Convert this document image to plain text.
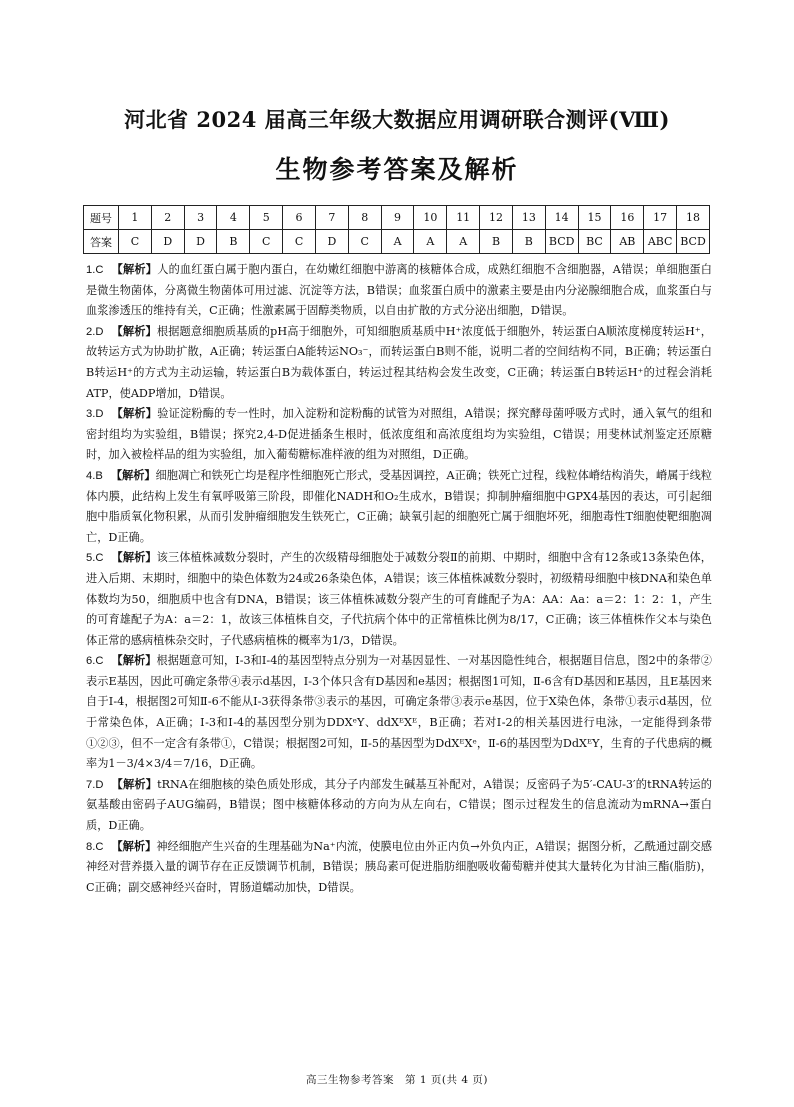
河北省 2024 届高三年级大数据应用调研联合测评(Ⅷ)
生物参考答案及解析
题号	1	2	3	4	5	6	7	8	9	10	11	12	13	14	15	16	17	18
答案	C	D	D	B	C	C	D	C	A	A	A	B	B	BCD	BC	AB	ABC	BCD
1.C 【解析】人的血红蛋白属于胞内蛋白，在幼嫩红细胞中游离的核糖体合成，成熟红细胞不含细胞器，A错误；单细胞蛋白是微生物菌体，分离微生物菌体可用过滤、沉淀等方法，B错误；血浆蛋白质中的激素主要是由内分泌腺细胞合成，血浆蛋白与血浆渗透压的维持有关，C正确；性激素属于固醇类物质，以自由扩散的方式分泌出细胞，D错误。
2.D 【解析】根据题意细胞质基质的pH高于细胞外，可知细胞质基质中H⁺浓度低于细胞外，转运蛋白A顺浓度梯度转运H⁺，故转运方式为协助扩散，A正确；转运蛋白A能转运NO₃⁻，而转运蛋白B则不能，说明二者的空间结构不同，B正确；转运蛋白B转运H⁺的方式为主动运输，转运蛋白B为载体蛋白，转运过程其结构会发生改变，C正确；转运蛋白B转运H⁺的过程会消耗ATP，使ADP增加，D错误。
3.D 【解析】验证淀粉酶的专一性时，加入淀粉和淀粉酶的试管为对照组，A错误；探究酵母菌呼吸方式时，通入氧气的组和密封组均为实验组，B错误；探究2,4-D促进插条生根时，低浓度组和高浓度组均为实验组，C错误；用斐林试剂鉴定还原糖时，加入被检样品的组为实验组，加入葡萄糖标准样液的组为对照组，D正确。
4.B 【解析】细胞凋亡和铁死亡均是程序性细胞死亡形式，受基因调控，A正确；铁死亡过程，线粒体嵴结构消失，嵴属于线粒体内膜，此结构上发生有氧呼吸第三阶段，即催化NADH和O₂生成水，B错误；抑制肿瘤细胞中GPX4基因的表达，可引起细胞中脂质氧化物积累，从而引发肿瘤细胞发生铁死亡，C正确；缺氧引起的细胞死亡属于细胞坏死，细胞毒性T细胞使靶细胞凋亡，D正确。
5.C 【解析】该三体植株减数分裂时，产生的次级精母细胞处于减数分裂Ⅱ的前期、中期时，细胞中含有12条或13条染色体，进入后期、末期时，细胞中的染色体数为24或26条染色体，A错误；该三体植株减数分裂时，初级精母细胞中核DNA和染色单体数均为50，细胞质中也含有DNA，B错误；该三体植株减数分裂产生的可育雌配子为A：AA：Aa：a＝2：1：2：1，产生的可育雄配子为A：a＝2：1，故该三体植株自交，子代抗病个体中的正常植株比例为8/17，C正确；该三体植株作父本与染色体正常的感病植株杂交时，子代感病植株的概率为1/3，D错误。
6.C 【解析】根据题意可知，Ⅰ-3和Ⅰ-4的基因型特点分别为一对基因显性、一对基因隐性纯合，根据题目信息，图2中的条带②表示E基因，因此可确定条带④表示d基因，Ⅰ-3个体只含有D基因和e基因；根据图1可知，Ⅱ-6含有D基因和E基因，且E基因来自于Ⅰ-4，根据图2可知Ⅱ-6不能从Ⅰ-3获得条带③表示的基因，可确定条带③表示e基因，位于X染色体，条带①表示d基因，位于常染色体，A正确；Ⅰ-3和Ⅰ-4的基因型分别为DDXᵉY、ddXᴱXᴱ，B正确；若对Ⅰ-2的相关基因进行电泳，一定能得到条带①②③，但不一定含有条带①，C错误；根据图2可知，Ⅱ-5的基因型为DdXᴱXᵉ，Ⅱ-6的基因型为DdXᴱY，生育的子代患病的概率为1－3/4×3/4＝7/16，D正确。
7.D 【解析】tRNA在细胞核的染色质处形成，其分子内部发生碱基互补配对，A错误；反密码子为5′-CAU-3′的tRNA转运的氨基酸由密码子AUG编码，B错误；图中核糖体移动的方向为从左向右，C错误；图示过程发生的信息流动为mRNA→蛋白质，D正确。
8.C 【解析】神经细胞产生兴奋的生理基础为Na⁺内流，使膜电位由外正内负→外负内正，A错误；据图分析，乙酰通过副交感神经对营养摄入量的调节存在正反馈调节机制，B错误；胰岛素可促进脂肪细胞吸收葡萄糖并使其大量转化为甘油三酯(脂肪)，C正确；副交感神经兴奋时，胃肠道蠕动加快，D错误。
高三生物参考答案　第 1 页(共 4 页)
